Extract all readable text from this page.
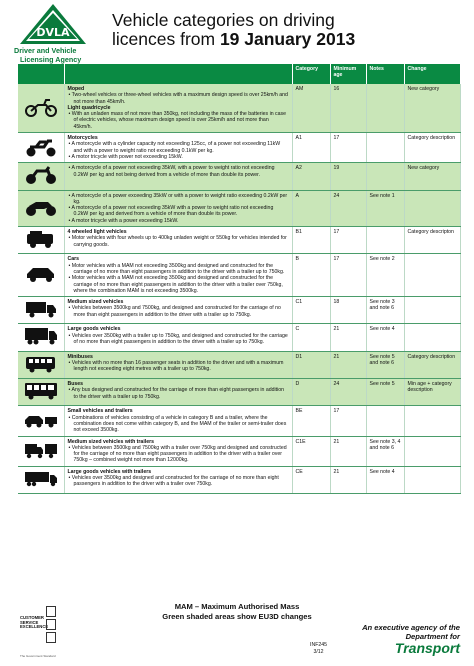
DVLA
Driver and Vehicle
Licensing Agency
Vehicle categories on driving
licences from 19 January 2013
		Category	Minimum age	Notes	Change

Moped
• Two-wheel vehicles or three-wheel vehicles with a maximum design speed is over 25km/h and not more than 45km/h.
Light quadricycle
• With an unladen mass of not more than 350kg, not including the mass of the batteries in case of electric vehicles, whose maximum design speed is over 25km/h and not more than 45km/h.	AM	16		New category

Motorcycles
• A motorcycle with a cylinder capacity not exceeding 125cc, of a power not exceeding 11kW and with a power to weight ratio not exceeding 0.1kW per kg.
• A motor tricycle with power not exceeding 15kW.	A1	17		Category description

• A motorcycle of a power not exceeding 35kW, with a power to weight ratio not exceeding 0.2kW per kg and not being derived from a vehicle of more than double its power.	A2	19		New category

• A motorcycle of a power exceeding 35kW or with a power to weight ratio exceeding 0.2kW per kg.
• A motorcycle of a power not exceeding 35kW with a power to weight ratio not exceeding 0.2kW per kg and derived from a vehicle of more than double its power.
• A motor tricycle with a power exceeding 15kW.	A	24	See note 1	

4 wheeled light vehicles
• Motor vehicles with four wheels up to 400kg unladen weight or 550kg for vehicles intended for carrying goods.	B1	17		Category descripton

Cars
• Motor vehicles with a MAM not exceeding 3500kg and designed and constructed for the carriage of no more than eight passengers in addition to the driver with a trailer up to 750kg.
• Motor vehicles with a MAM not exceeding 3500kg and designed and constructed for the carriage of no more than eight passengers in addition to the driver with a trailer over 750kg, where the combination MAM is not exceeding 3500kg.	B	17	See note 2	

Medium sized vehicles
• Vehicles between 3500kg and 7500kg, and designed and constructed for the carriage of no more than eight passengers in addition to the driver with a trailer up to 750kg.	C1	18	See note 3 and note 6	

Large goods vehicles
• Vehicles over 3500kg with a trailer up to 750kg, and designed and constructed for the carriage of no more than eight passengers in addition to the driver with a trailer up to 750kg.	C	21	See note 4	

Minibuses
• Vehicles with no more than 16 passenger seats in addition to the driver and with a maximum length not exceeding eight metres with a trailer up to 750kg.	D1	21	See note 5 and note 6	Category description

Buses
• Any bus designed and constructed for the carriage of more than eight passengers in addition to the driver with a trailer up to 750kg.	D	24	See note 5	Min age + category description

Small vehicles and trailers
• Combinations of vehicles consisting of a vehicle in category B and a trailer, where the combination does not come within category B, and the MAM of the trailer or semi-trailer does not exceed 3500kg.	BE	17		

Medium sized vehicles with trailers
• Vehicles between 3500kg and 7500kg with a trailer over 750kg and designed and constructed for the carriage of no more than eight passengers in addition to the driver with a trailer over 750kg – combined weight not more than 12000kg.	C1E	21	See note 3, 4 and note 6	

Large goods vehicles with trailers
• Vehicles over 3500kg and designed and constructed for the carriage of no more than eight passengers in addition to the driver with a trailer over 750kg.	CE	21	See note 4	
MAM – Maximum Authorised Mass
Green shaded areas show EU3D changes
CUSTOMER SERVICE EXCELLENCE
The Government Standard
INF245
3/12
An executive agency of the
Department for
Transport
